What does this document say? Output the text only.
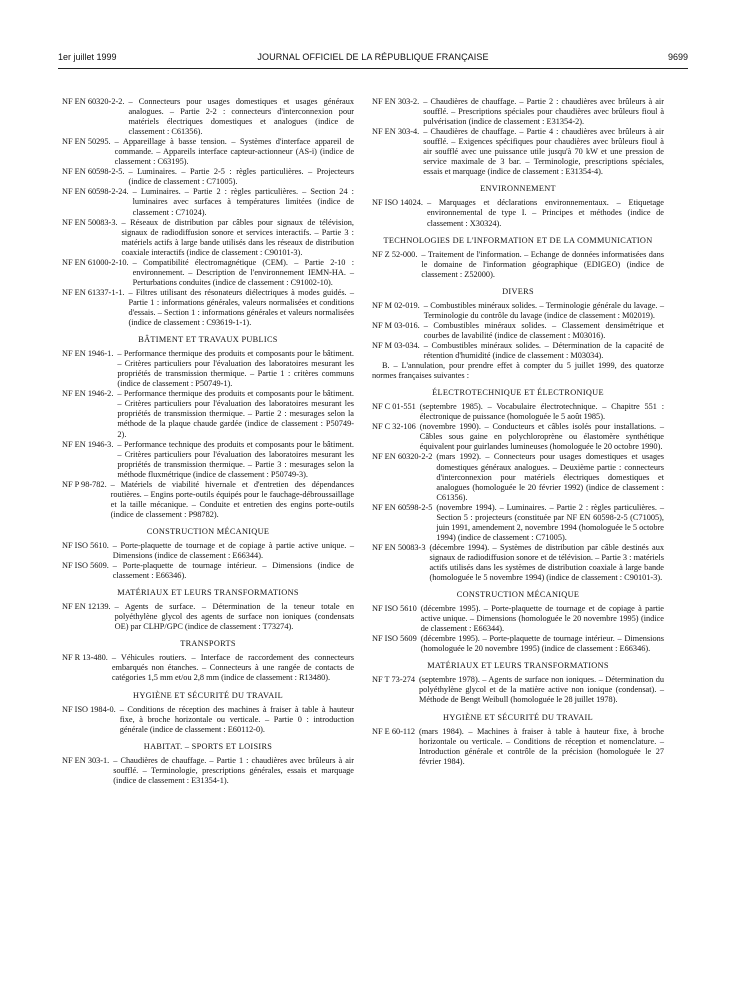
1er juillet 1999	JOURNAL OFFICIEL DE LA RÉPUBLIQUE FRANÇAISE	9699
NF EN 60320-2-2. – Connecteurs pour usages domestiques et usages généraux analogues. – Partie 2-2 : connecteurs d'interconnexion pour matériels électriques domestiques et analogues (indice de classement : C61356).
NF EN 50295. – Appareillage à basse tension. – Systèmes d'interface appareil de commande. – Appareils interface capteur-actionneur (AS-i) (indice de classement : C63195).
NF EN 60598-2-5. – Luminaires. – Partie 2-5 : règles particulières. – Projecteurs (indice de classement : C71005).
NF EN 60598-2-24. – Luminaires. – Partie 2 : règles particulières. – Section 24 : luminaires avec surfaces à températures limitées (indice de classement : C71024).
NF EN 50083-3. – Réseaux de distribution par câbles pour signaux de télévision, signaux de radiodiffusion sonore et services interactifs. – Partie 3 : matériels actifs à large bande utilisés dans les réseaux de distribution coaxiale interactifs (indice de classement : C90101-3).
NF EN 61000-2-10. – Compatibilité électromagnétique (CEM). – Partie 2-10 : environnement. – Description de l'environnement IEMN-HA. – Perturbations conduites (indice de classement : C91002-10).
NF EN 61337-1-1. – Filtres utilisant des résonateurs diélectriques à modes guidés. – Partie 1 : informations générales, valeurs normalisées et conditions d'essais. – Section 1 : informations générales et valeurs normalisées (indice de classement : C93619-1-1).
BÂTIMENT ET TRAVAUX PUBLICS
NF EN 1946-1. – Performance thermique des produits et composants pour le bâtiment. – Critères particuliers pour l'évaluation des laboratoires mesurant les propriétés de transmission thermique. – Partie 1 : critères communs (indice de classement : P50749-1).
NF EN 1946-2. – Performance thermique des produits et composants pour le bâtiment. – Critères particuliers pour l'évaluation des laboratoires mesurant les propriétés de transmission thermique. – Partie 2 : mesurages selon la méthode de la plaque chaude gardée (indice de classement : P50749-2).
NF EN 1946-3. – Performance technique des produits et composants pour le bâtiment. – Critères particuliers pour l'évaluation des laboratoires mesurant les propriétés de transmission thermique. – Partie 3 : mesurages selon la méthode fluxmétrique (indice de classement : P50749-3).
NF P 98-782. – Matériels de viabilité hivernale et d'entretien des dépendances routières. – Engins porte-outils équipés pour le fauchage-débroussaillage et la taille mécanique. – Conduite et entretien des engins porte-outils (indice de classement : P98782).
CONSTRUCTION MÉCANIQUE
NF ISO 5610. – Porte-plaquette de tournage et de copiage à partie active unique. – Dimensions (indice de classement : E66344).
NF ISO 5609. – Porte-plaquette de tournage intérieur. – Dimensions (indice de classement : E66346).
MATÉRIAUX ET LEURS TRANSFORMATIONS
NF EN 12139. – Agents de surface. – Détermination de la teneur totale en polyéthylène glycol des agents de surface non ioniques (condensats OE) par CLHP/GPC (indice de classement : T73274).
TRANSPORTS
NF R 13-480. – Véhicules routiers. – Interface de raccordement des connecteurs embarqués non étanches. – Connecteurs à une rangée de contacts de catégories 1,5 mm et/ou 2,8 mm (indice de classement : R13480).
HYGIÈNE ET SÉCURITÉ DU TRAVAIL
NF ISO 1984-0. – Conditions de réception des machines à fraiser à table à hauteur fixe, à broche horizontale ou verticale. – Partie 0 : introduction générale (indice de classement : E60112-0).
HABITAT. – SPORTS ET LOISIRS
NF EN 303-1. – Chaudières de chauffage. – Partie 1 : chaudières avec brûleurs à air soufflé. – Terminologie, prescriptions générales, essais et marquage (indice de classement : E31354-1).
NF EN 303-2. – Chaudières de chauffage. – Partie 2 : chaudières avec brûleurs à air soufflé. – Prescriptions spéciales pour chaudières avec brûleurs fioul à pulvérisation (indice de classement : E31354-2).
NF EN 303-4. – Chaudières de chauffage. – Partie 4 : chaudières avec brûleurs à air soufflé. – Exigences spécifiques pour chaudières avec brûleurs fioul à air soufflé avec une puissance utile jusqu'à 70 kW et une pression de service maximale de 3 bar. – Terminologie, prescriptions spéciales, essais et marquage (indice de classement : E31354-4).
ENVIRONNEMENT
NF ISO 14024. – Marquages et déclarations environnementaux. – Etiquetage environnemental de type I. – Principes et méthodes (indice de classement : X30324).
TECHNOLOGIES DE L'INFORMATION ET DE LA COMMUNICATION
NF Z 52-000. – Traitement de l'information. – Echange de données informatisées dans le domaine de l'information géographique (EDIGEO) (indice de classement : Z52000).
DIVERS
NF M 02-019. – Combustibles minéraux solides. – Terminologie générale du lavage. – Terminologie du contrôle du lavage (indice de classement : M02019).
NF M 03-016. – Combustibles minéraux solides. – Classement densimétrique et courbes de lavabilité (indice de classement : M03016).
NF M 03-034. – Combustibles minéraux solides. – Détermination de la capacité de rétention d'humidité (indice de classement : M03034).
B. – L'annulation, pour prendre effet à compter du 5 juillet 1999, des quatorze normes françaises suivantes :
ÉLECTROTECHNIQUE ET ÉLECTRONIQUE
NF C 01-551 (septembre 1985). – Vocabulaire électrotechnique. – Chapitre 551 : électronique de puissance (homologuée le 5 août 1985).
NF C 32-106 (novembre 1990). – Conducteurs et câbles isolés pour installations. – Câbles sous gaine en polychloroprène ou élastomère synthétique équivalent pour guirlandes lumineuses (homologuée le 20 octobre 1990).
NF EN 60320-2-2 (mars 1992). – Connecteurs pour usages domestiques et usages domestiques généraux analogues. – Deuxième partie : connecteurs d'interconnexion pour matériels électriques domestiques et analogues (homologuée le 20 février 1992) (indice de classement : C61356).
NF EN 60598-2-5 (novembre 1994). – Luminaires. – Partie 2 : règles particulières. – Section 5 : projecteurs (constituée par NF EN 60598-2-5 (C71005), juin 1991, amendement 2, novembre 1994 (homologuée le 5 octobre 1994) (indice de classement : C71005).
NF EN 50083-3 (décembre 1994). – Systèmes de distribution par câble destinés aux signaux de radiodiffusion sonore et de télévision. – Partie 3 : matériels actifs utilisés dans les systèmes de distribution coaxiale à large bande (homologuée le 5 novembre 1994) (indice de classement : C90101-3).
CONSTRUCTION MÉCANIQUE
NF ISO 5610 (décembre 1995). – Porte-plaquette de tournage et de copiage à partie active unique. – Dimensions (homologuée le 20 novembre 1995) (indice de classement : E66344).
NF ISO 5609 (décembre 1995). – Porte-plaquette de tournage intérieur. – Dimensions (homologuée le 20 novembre 1995) (indice de classement : E66346).
MATÉRIAUX ET LEURS TRANSFORMATIONS
NF T 73-274 (septembre 1978). – Agents de surface non ioniques. – Détermination du polyéthylène glycol et de la matière active non ionique (condensat). – Méthode de Bengt Weibull (homologuée le 28 juillet 1978).
HYGIÈNE ET SÉCURITÉ DU TRAVAIL
NF E 60-112 (mars 1984). – Machines à fraiser à table à hauteur fixe, à broche horizontale ou verticale. – Conditions de réception et nomenclature. – Introduction générale et contrôle de la précision (homologuée le 27 février 1984).
